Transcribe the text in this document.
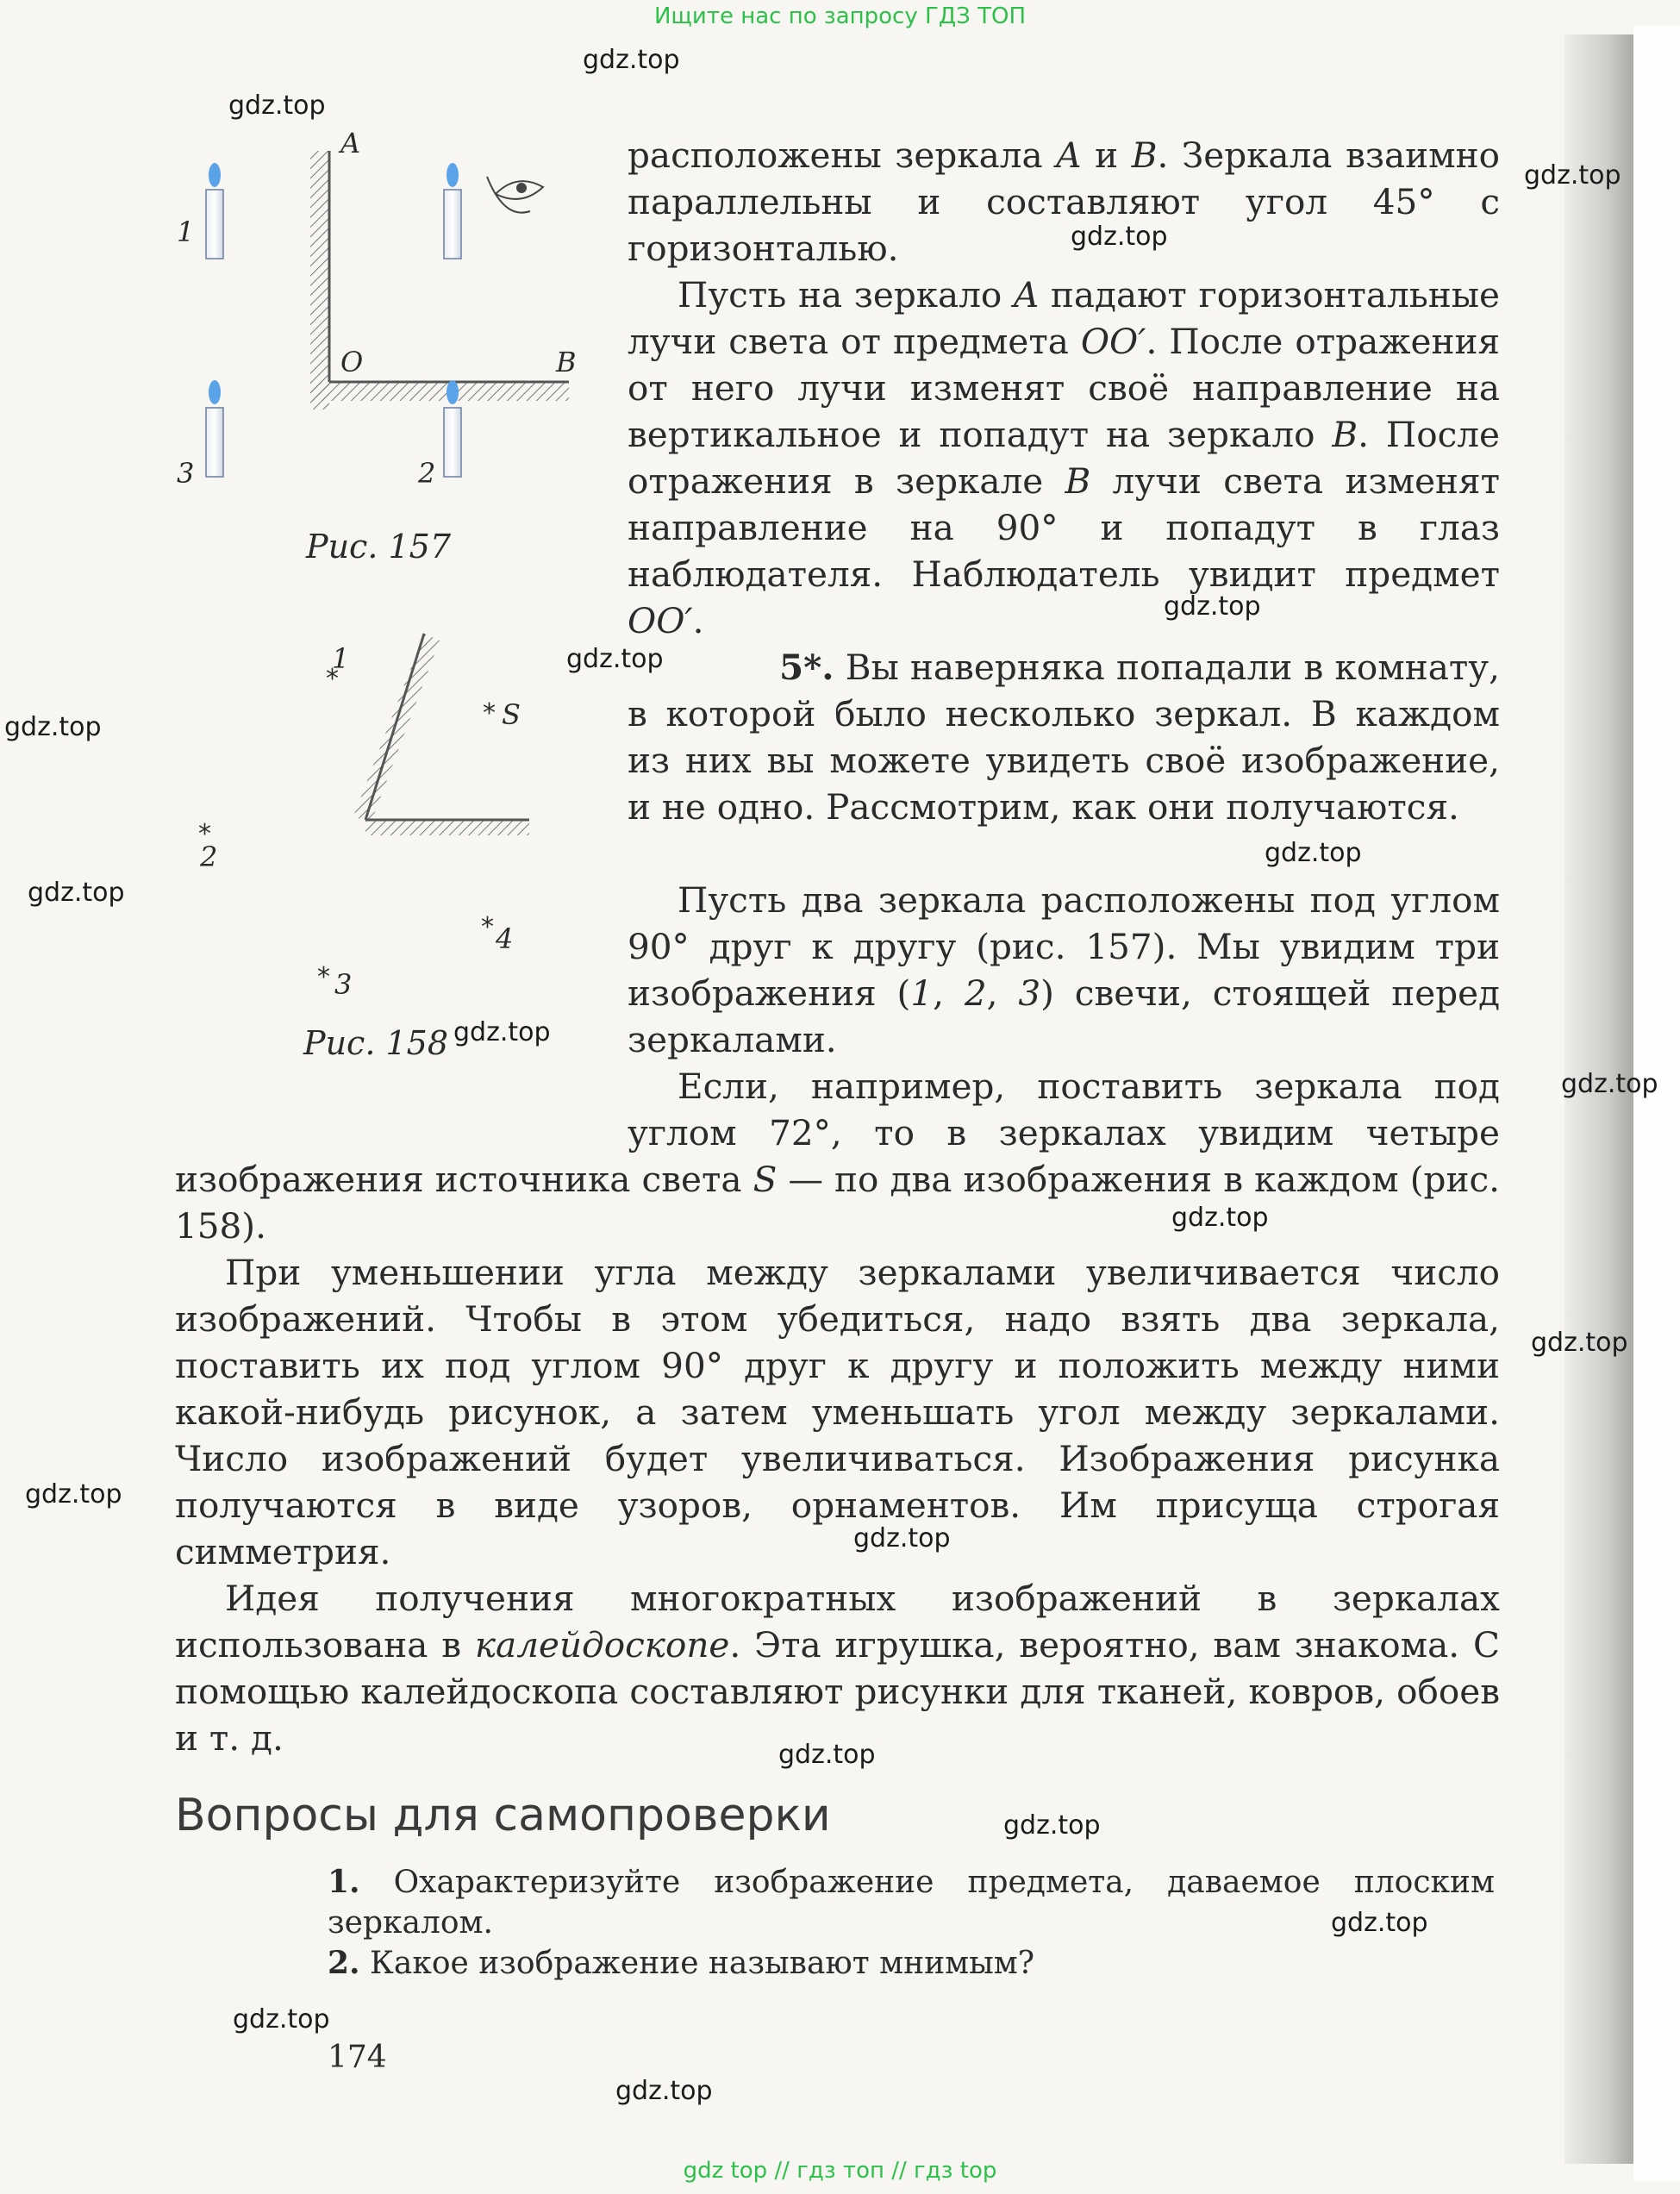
Ищите нас по запросу ГДЗ ТОП
gdz.top
gdz.top
gdz.top
gdz.top
gdz.top
gdz.top
gdz.top
gdz.top
gdz.top
gdz.top
gdz.top
gdz.top
gdz.top
gdz.top
gdz.top
gdz.top
gdz.top
gdz.top
gdz.top
gdz.top
A
O	B
1
3	2
Рис. 157
1
*
* S
*
2
* 4
* 3
Рис. 158
расположены зеркала A и B. Зеркала взаимно параллельны и составляют угол 45° с горизонталью.
Пусть на зеркало A падают горизонтальные лучи света от предмета OO′. После отражения от него лучи изменят своё направление на вертикальное и попадут на зеркало B. После отражения в зеркале B лучи света изменят направление на 90° и попадут в глаз наблюдателя. Наблюдатель увидит предмет OO′.
5*. Вы наверняка попадали в комнату, в которой было несколько зеркал. В каждом из них вы можете увидеть своё изображение, и не одно. Рассмотрим, как они получаются.
Пусть два зеркала расположены под углом 90° друг к другу (рис. 157). Мы увидим три изображения (1, 2, 3) свечи, стоящей перед зеркалами.
Если, например, поставить зеркала под углом 72°, то в зеркалах увидим четыре
изображения источника света S — по два изображения в каждом (рис. 158).
При уменьшении угла между зеркалами увеличивается число изображений. Чтобы в этом убедиться, надо взять два зеркала, поставить их под углом 90° друг к другу и положить между ними какой-нибудь рисунок, а затем уменьшать угол между зеркалами. Число изображений будет увеличиваться. Изображения рисунка получаются в виде узоров, орнаментов. Им присуща строгая симметрия.
Идея получения многократных изображений в зеркалах использована в калейдоскопе. Эта игрушка, вероятно, вам знакома. С помощью калейдоскопа составляют рисунки для тканей, ковров, обоев и т. д.
Вопросы для самопроверки
1. Охарактеризуйте изображение предмета, даваемое плоским зеркалом.
2. Какое изображение называют мнимым?
174
gdz top // гдз топ // гдз top
